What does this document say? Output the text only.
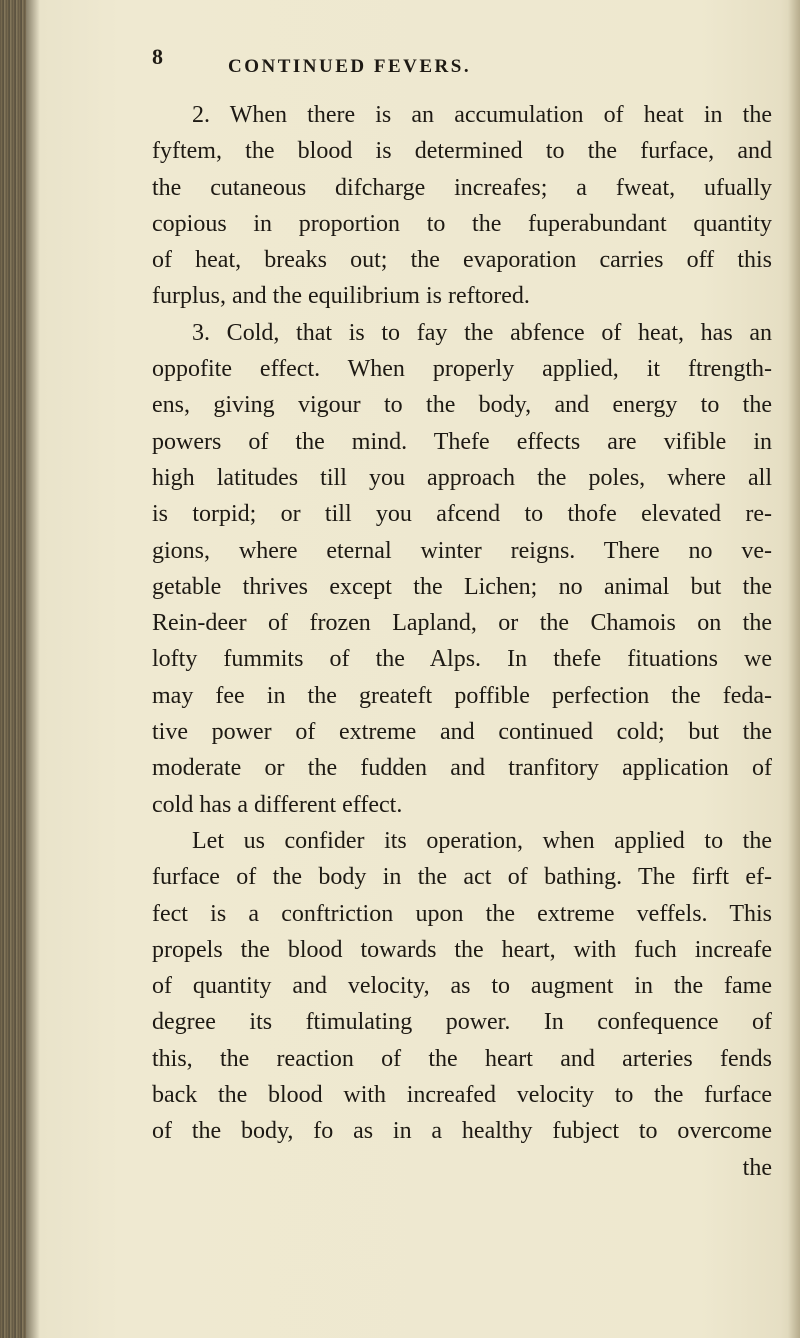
8	CONTINUED FEVERS.
2. When there is an accumulation of heat in the
fyftem, the blood is determined to the furface, and
the cutaneous difcharge increafes; a fweat, ufually
copious in proportion to the fuperabundant quantity
of heat, breaks out; the evaporation carries off this
furplus, and the equilibrium is reftored.
3. Cold, that is to fay the abfence of heat, has an
oppofite effect. When properly applied, it ftrength-
ens, giving vigour to the body, and energy to the
powers of the mind. Thefe effects are vifible in
high latitudes till you approach the poles, where all
is torpid; or till you afcend to thofe elevated re-
gions, where eternal winter reigns. There no ve-
getable thrives except the Lichen; no animal but the
Rein-deer of frozen Lapland, or the Chamois on the
lofty fummits of the Alps. In thefe fituations we
may fee in the greateft poffible perfection the feda-
tive power of extreme and continued cold; but the
moderate or the fudden and tranfitory application of
cold has a different effect.
Let us confider its operation, when applied to the
furface of the body in the act of bathing. The firft ef-
fect is a conftriction upon the extreme veffels. This
propels the blood towards the heart, with fuch increafe
of quantity and velocity, as to augment in the fame
degree its ftimulating power. In confequence of
this, the reaction of the heart and arteries fends
back the blood with increafed velocity to the furface
of the body, fo as in a healthy fubject to overcome
the
